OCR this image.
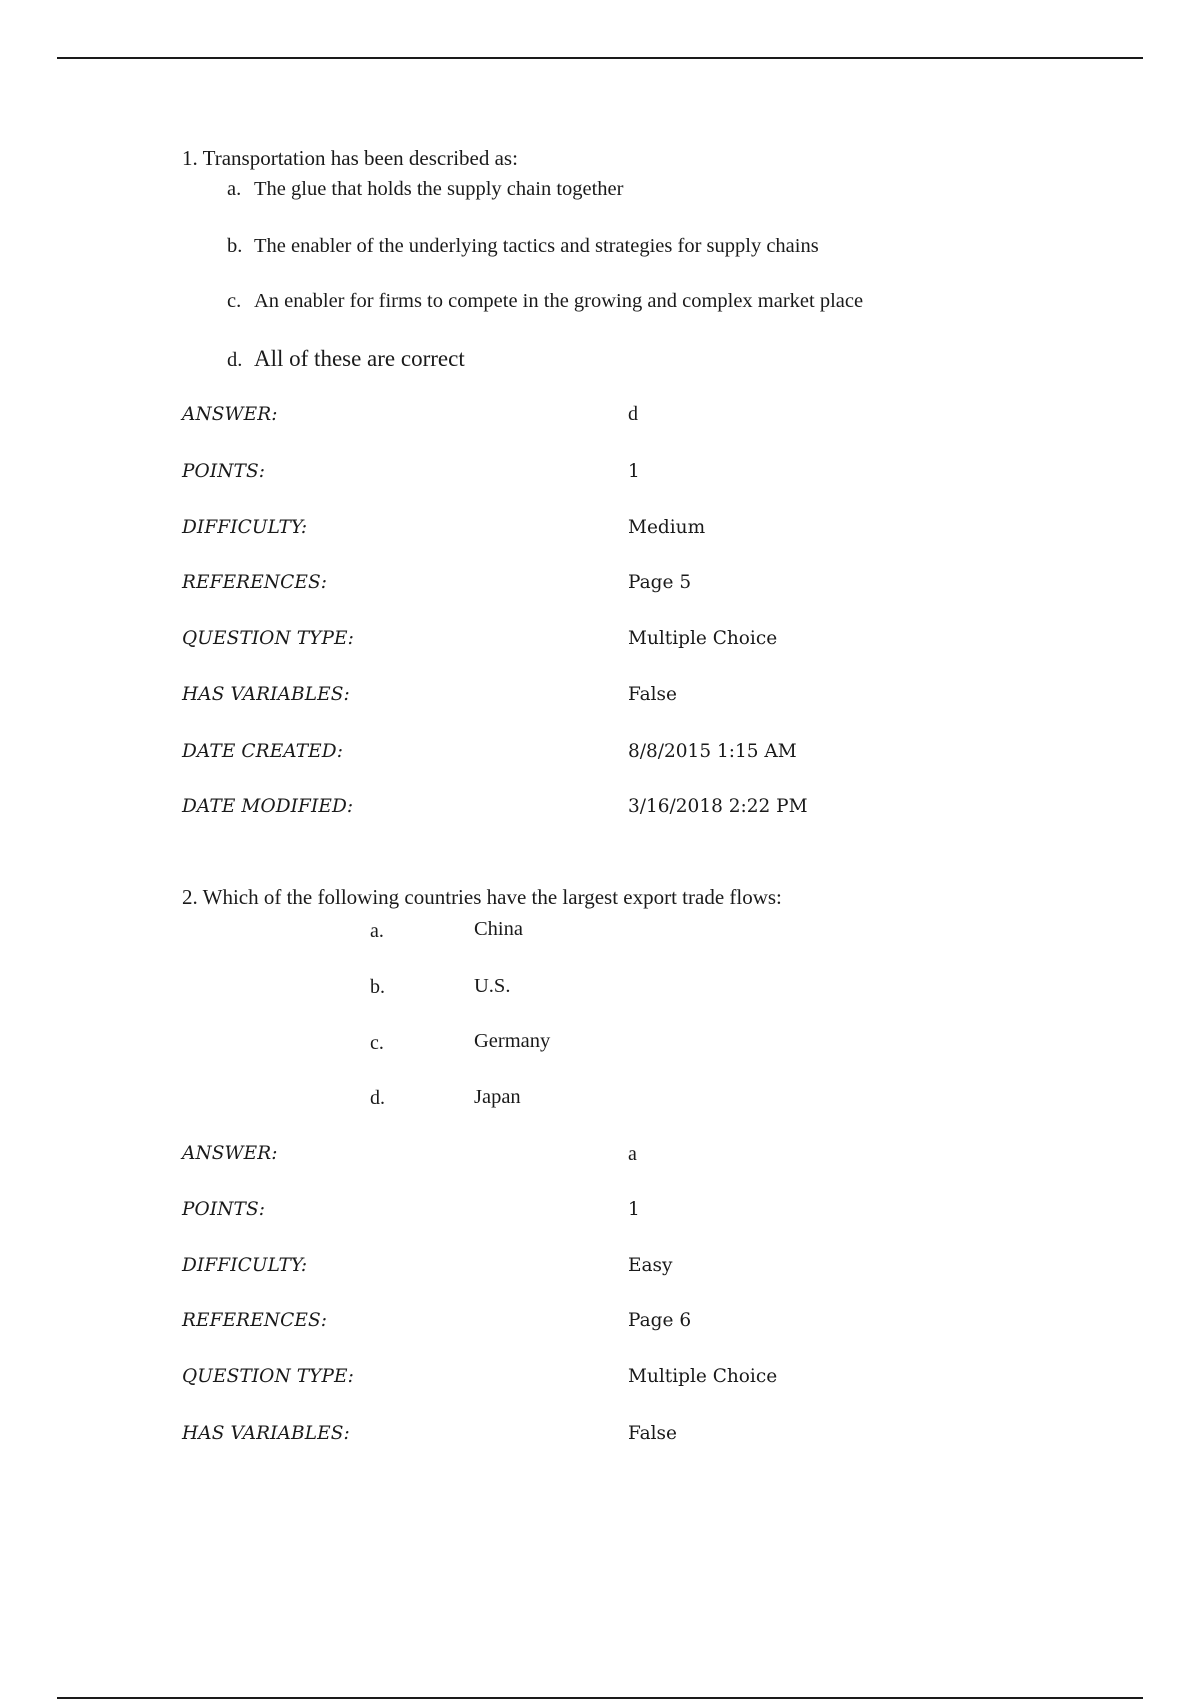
1. Transportation has been described as:
a. The glue that holds the supply chain together
b. The enabler of the underlying tactics and strategies for supply chains
c. An enabler for firms to compete in the growing and complex market place
d. All of these are correct
ANSWER:	d
POINTS:	1
DIFFICULTY:	Medium
REFERENCES:	Page 5
QUESTION TYPE:	Multiple Choice
HAS VARIABLES:	False
DATE CREATED:	8/8/2015 1:15 AM
DATE MODIFIED:	3/16/2018 2:22 PM
2. Which of the following countries have the largest export trade flows:
a.	China
b.	U.S.
c.	Germany
d.	Japan
ANSWER:	a
POINTS:	1
DIFFICULTY:	Easy
REFERENCES:	Page 6
QUESTION TYPE:	Multiple Choice
HAS VARIABLES:	False
